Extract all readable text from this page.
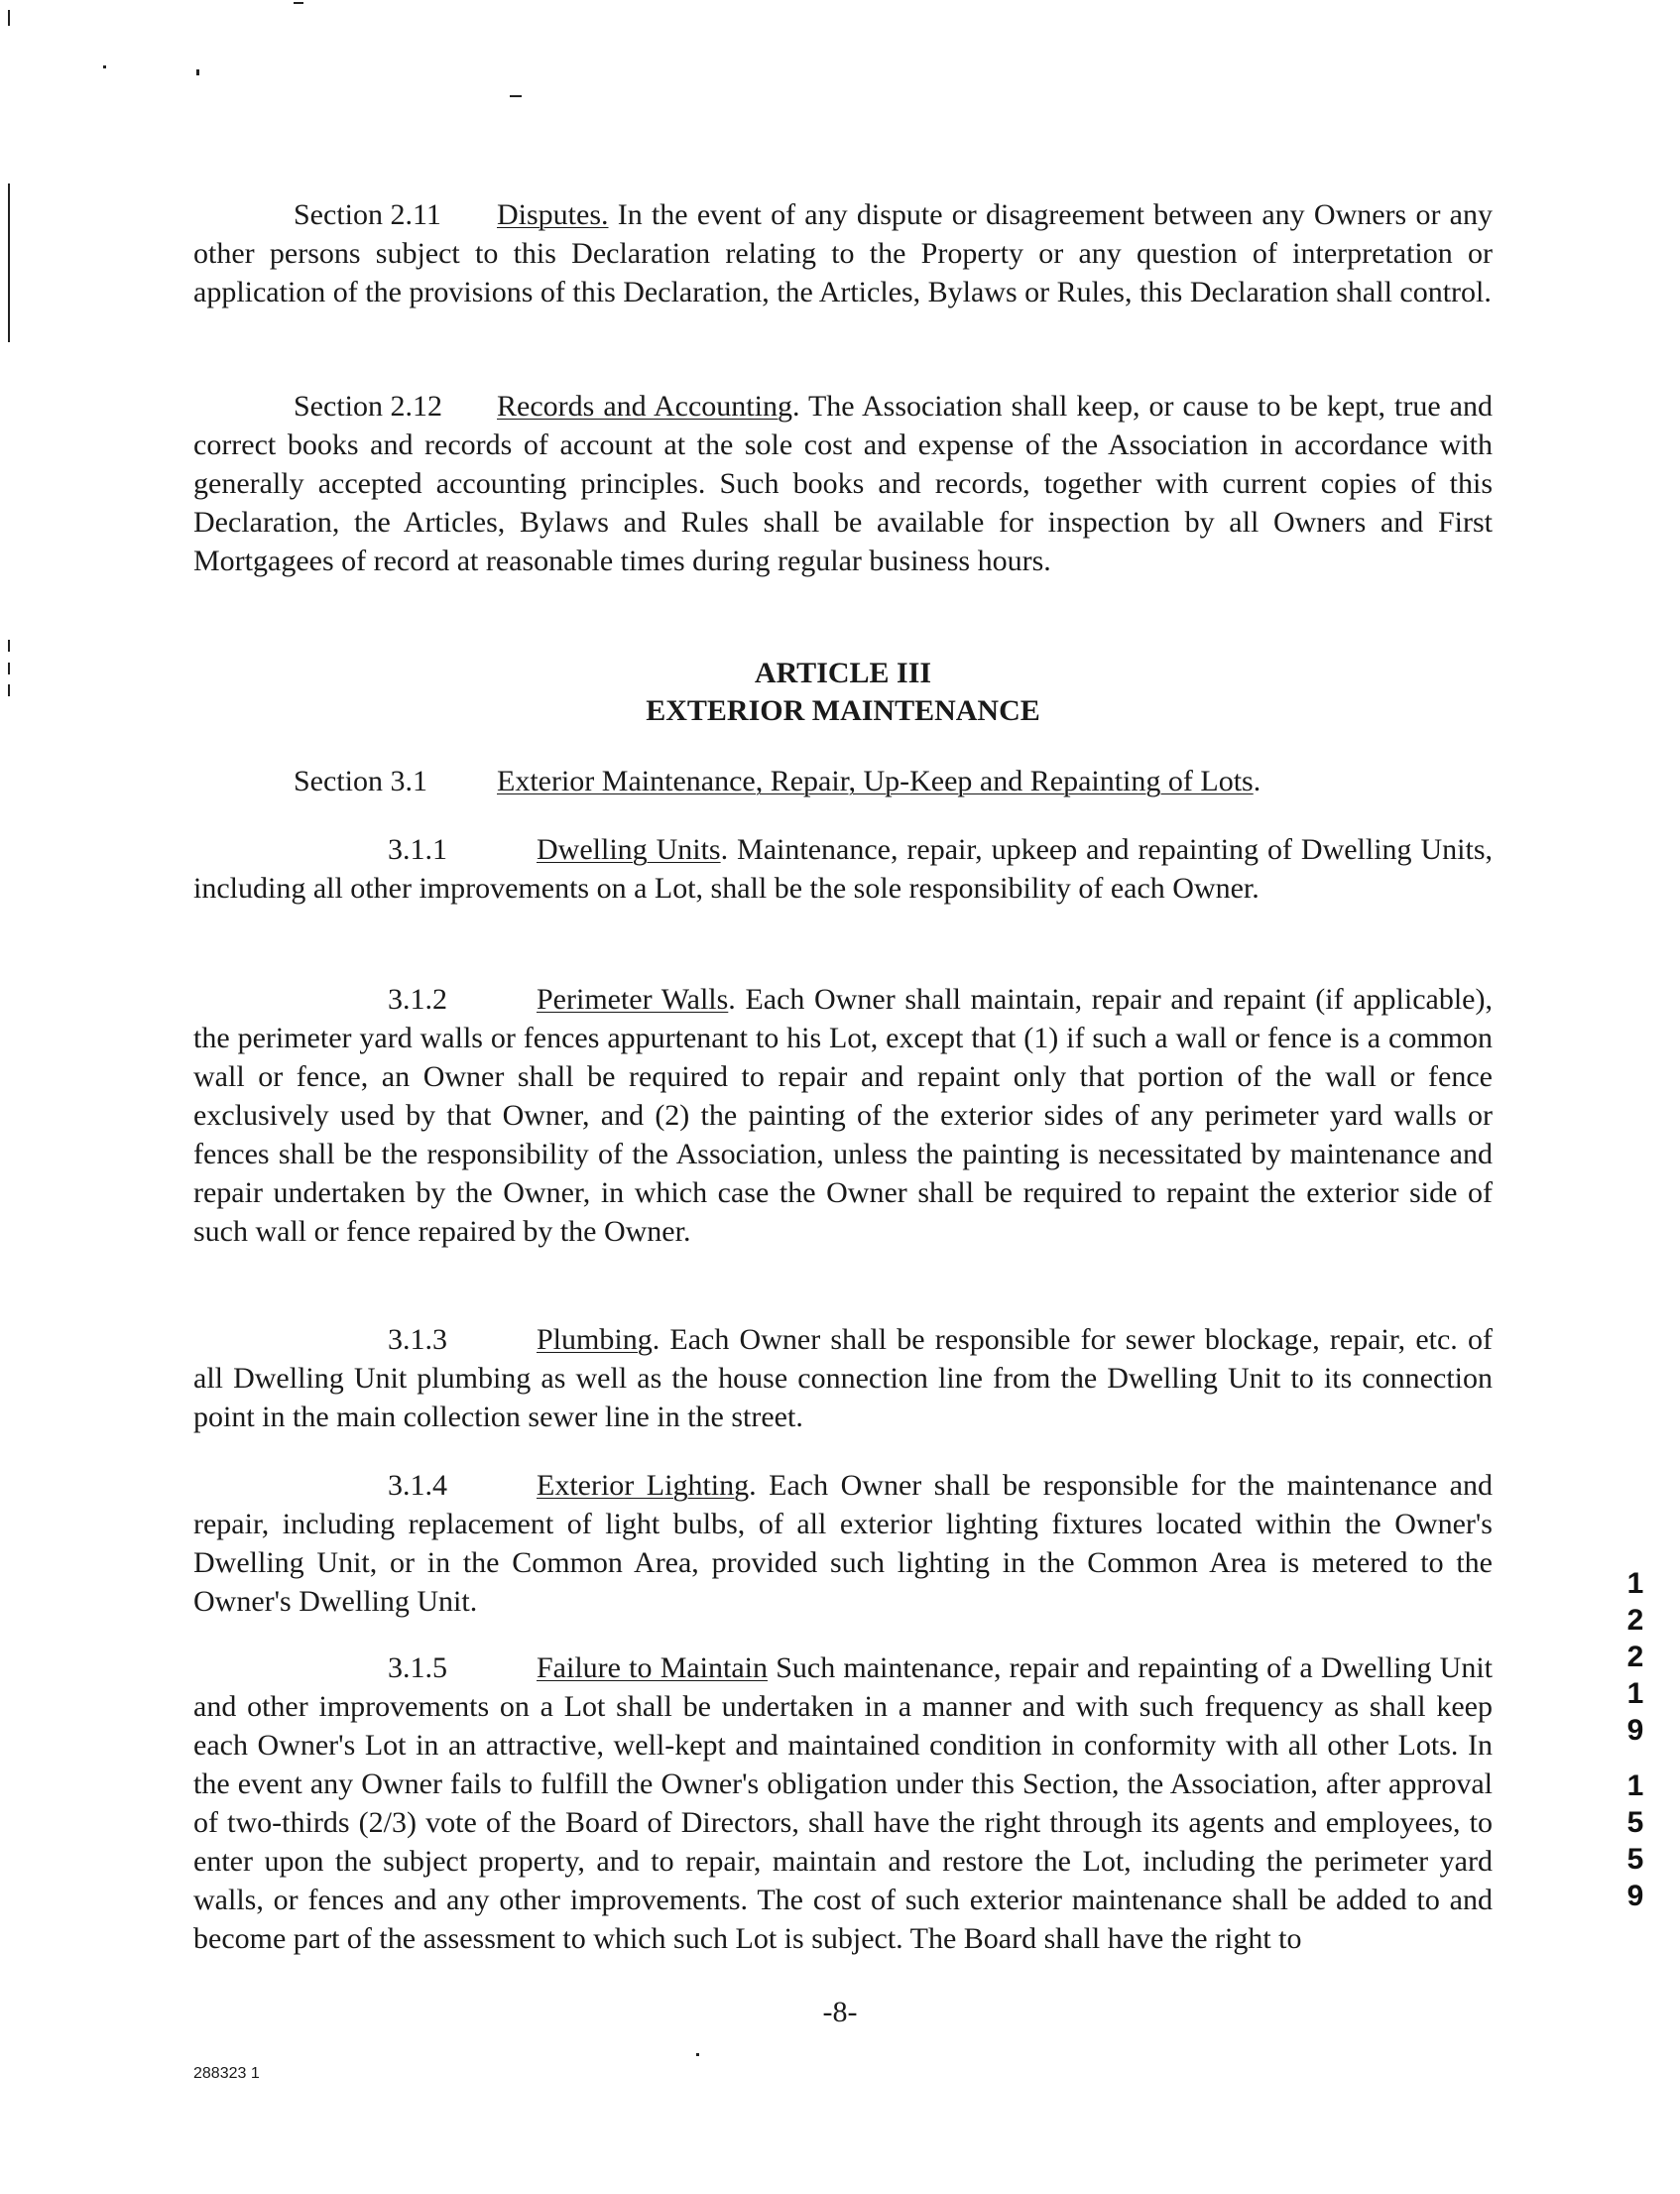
Section 2.11 Disputes. In the event of any dispute or disagreement between any Owners or any other persons subject to this Declaration relating to the Property or any question of interpretation or application of the provisions of this Declaration, the Articles, Bylaws or Rules, this Declaration shall control.

Section 2.12 Records and Accounting. The Association shall keep, or cause to be kept, true and correct books and records of account at the sole cost and expense of the Association in accordance with generally accepted accounting principles. Such books and records, together with current copies of this Declaration, the Articles, Bylaws and Rules shall be available for inspection by all Owners and First Mortgagees of record at reasonable times during regular business hours.

ARTICLE III

EXTERIOR MAINTENANCE

Section 3.1 Exterior Maintenance, Repair, Up-Keep and Repainting of Lots.

3.1.1	Dwelling Units. Maintenance, repair, upkeep and repainting of Dwelling Units, including all other improvements on a Lot, shall be the sole responsibility of each Owner.

3.1.2	Perimeter Walls. Each Owner shall maintain, repair and repaint (if applicable), the perimeter yard walls or fences appurtenant to his Lot, except that (1) if such a wall or fence is a common wall or fence, an Owner shall be required to repair and repaint only that portion of the wall or fence exclusively used by that Owner, and (2) the painting of the exterior sides of any perimeter yard walls or fences shall be the responsibility of the Association, unless the painting is necessitated by maintenance and repair undertaken by the Owner, in which case the Owner shall be required to repaint the exterior side of such wall or fence repaired by the Owner.

3.1.3	Plumbing. Each Owner shall be responsible for sewer blockage, repair, etc. of all Dwelling Unit plumbing as well as the house connection line from the Dwelling Unit to its connection point in the main collection sewer line in the street.

3.1.4	Exterior Lighting. Each Owner shall be responsible for the maintenance and repair, including replacement of light bulbs, of all exterior lighting fixtures located within the Owner's Dwelling Unit, or in the Common Area, provided such lighting in the Common Area is metered to the Owner's Dwelling Unit.

3.1.5	Failure to Maintain Such maintenance, repair and repainting of a Dwelling Unit and other improvements on a Lot shall be undertaken in a manner and with such frequency as shall keep each Owner's Lot in an attractive, well-kept and maintained condition in conformity with all other Lots. In the event any Owner fails to fulfill the Owner's obligation under this Section, the Association, after approval of two-thirds (2/3) vote of the Board of Directors, shall have the right through its agents and employees, to enter upon the subject property, and to repair, maintain and restore the Lot, including the perimeter yard walls, or fences and any other improvements. The cost of such exterior maintenance shall be added to and become part of the assessment to which such Lot is subject. The Board shall have the right to

1
2
2
1
9
1
5
5
9
-8-
288323 1
